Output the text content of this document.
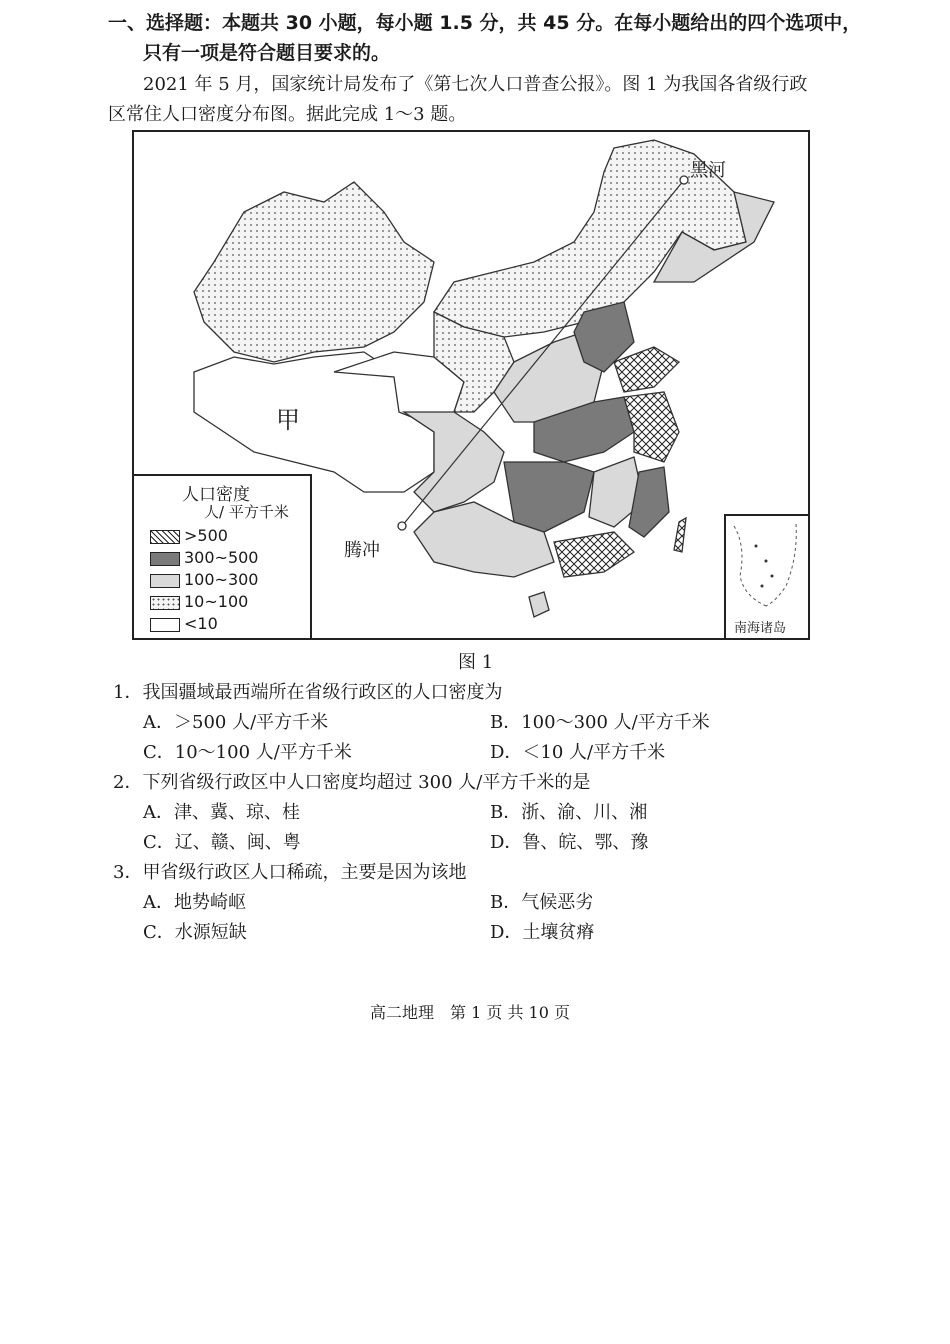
一、选择题：本题共 30 小题，每小题 1.5 分，共 45 分。在每小题给出的四个选项中，
只有一项是符合题目要求的。
2021 年 5 月，国家统计局发布了《第七次人口普查公报》。图 1 为我国各省级行政
区常住人口密度分布图。据此完成 1～3 题。
黑河
腾冲
甲
人口密度
人/ 平方千米
>500
300~500
100~300
10~100
<10	南海诸岛
图 1
1．我国疆域最西端所在省级行政区的人口密度为
A．＞500 人/平方千米	B．100～300 人/平方千米
C．10～100 人/平方千米	D．＜10 人/平方千米
2．下列省级行政区中人口密度均超过 300 人/平方千米的是
A．津、冀、琼、桂	B．浙、渝、川、湘
C．辽、赣、闽、粤	D．鲁、皖、鄂、豫
3．甲省级行政区人口稀疏，主要是因为该地
A．地势崎岖	B．气候恶劣
C．水源短缺	D．土壤贫瘠
高二地理　第 1 页 共 10 页
